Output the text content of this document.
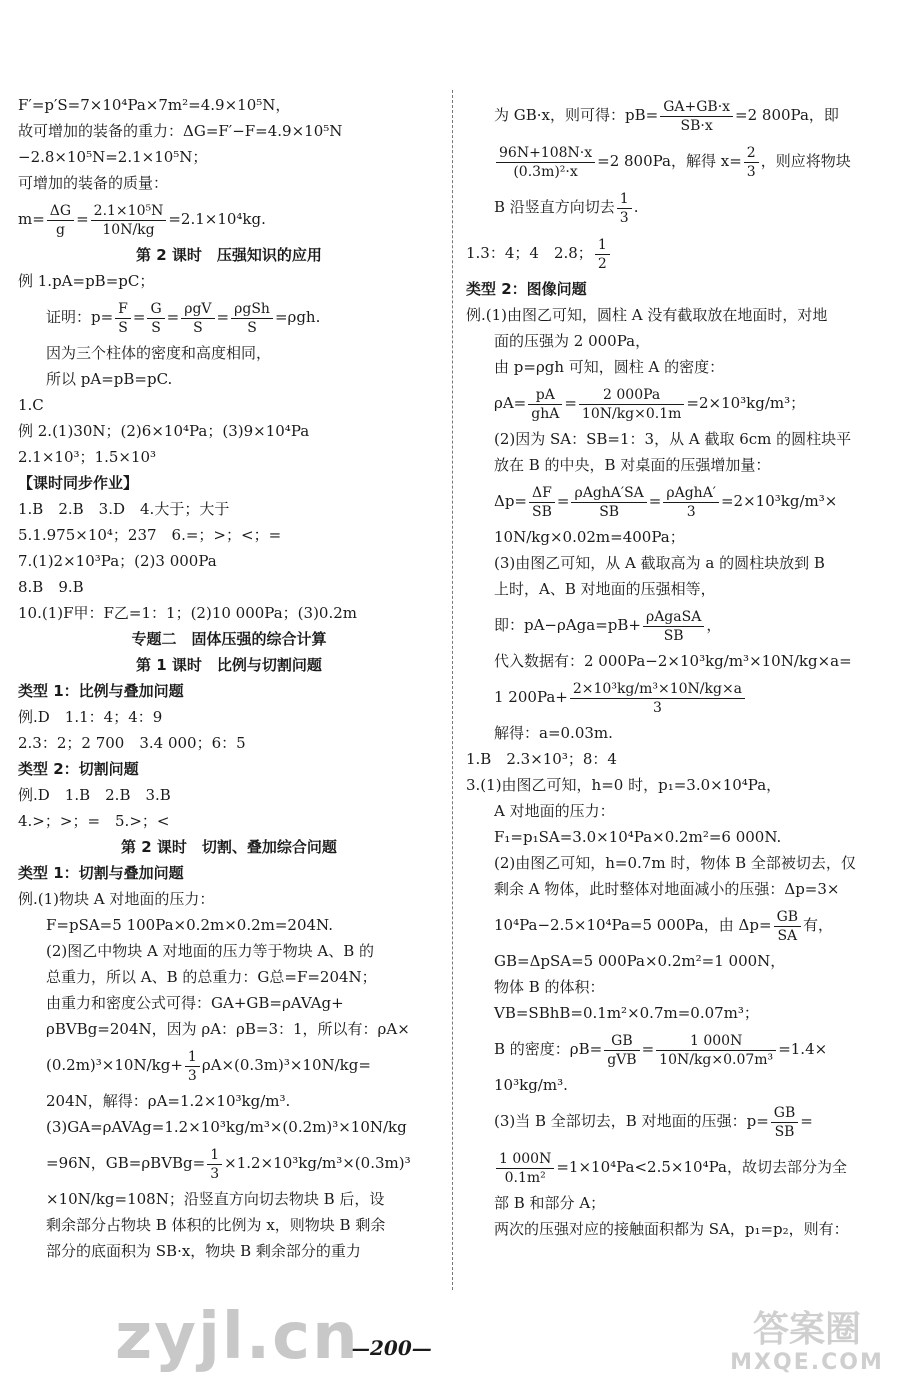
F′=p′S=7×10⁴Pa×7m²=4.9×10⁵N，
故可增加的装备的重力：ΔG=F′−F=4.9×10⁵N
−2.8×10⁵N=2.1×10⁵N；
可增加的装备的质量：
$m= \frac{\Delta G}{g} = \frac{\text{2.1×10⁵N}}{10N/kg} =2.1\times 10^4kg$.
第 2 课时　压强知识的应用
例 1.pA=pB=pC；
证明：$p= \frac{F}{S} = \frac{G}{S} = \frac{\text{ρgV}}{S} = \frac{\text{ρgSh}}{S} =\rho gh$.
因为三个柱体的密度和高度相同，
所以 pA=pB=pC.
1.C
例 2.(1)30N；(2)6×10⁴Pa；(3)9×10⁴Pa
2.1×10³；1.5×10³
【课时同步作业】
1.B　2.B　3.D　4.大于；大于
5.1.975×10⁴；237　6.=；>；<；=
7.(1)2×10³Pa；(2)3 000Pa
8.B　9.B
10.(1)F甲：F乙=1：1；(2)10 000Pa；(3)0.2m
专题二　固体压强的综合计算
第 1 课时　比例与切割问题
类型 1：比例与叠加问题
例.D　1.1：4；4：9
2.3：2；2 700　3.4 000；6：5
类型 2：切割问题
例.D　1.B　2.B　3.B
4.>；>；=　5.>；<
第 2 课时　切割、叠加综合问题
类型 1：切割与叠加问题
例.(1)物块 A 对地面的压力：
F=pSA=5 100Pa×0.2m×0.2m=204N.
(2)图乙中物块 A 对地面的压力等于物块 A、B 的
总重力，所以 A、B 的总重力：G总=F=204N；
由重力和密度公式可得：GA+GB=ρAVAg+
ρBVBg=204N，因为 ρA：ρB=3：1，所以有：ρA×
$(0.2m)^3\times 10N/kg+ \frac{1}{3} \rho A\times(0.3m)^3\times 10N/kg=$
204N，解得：ρA=1.2×10³kg/m³.
(3)GA=ρAVAg=1.2×10³kg/m³×(0.2m)³×10N/kg
=96N，GB=ρBVBg= $\frac{1}{3} \times 1.2\times 10^3kg/m^3\times(0.3m)^3$
×10N/kg=108N；沿竖直方向切去物块 B 后，设
剩余部分占物块 B 体积的比例为 x，则物块 B 剩余
部分的底面积为 SB·x，物块 B 剩余部分的重力
为 GB·x，则可得：$pB= \frac{GA+GB\cdot x}{SB\cdot x} =2$ 800Pa，即
$\frac{96N+108N\cdot x}{\text{(0.3m)²·x}} =2$ 800Pa，解得 $x= \frac{2}{3}$ ，则应将物块
B 沿竖直方向切去 $\frac{1}{3}$ .
1.3：4；4　2.8； $\frac{1}{2}$
类型 2：图像问题
例.(1)由图乙可知，圆柱 A 没有截取放在地面时，对地
面的压强为 2 000Pa，
由 p=ρgh 可知，圆柱 A 的密度：
$\rho A= \frac{pA}{\text{ghA}} = \frac{2 000Pa}{10N/kg\times 0.1m} =2\times 10^3kg/m^3$；
(2)因为 SA：SB=1：3，从 A 截取 6cm 的圆柱块平
放在 B 的中央，B 对桌面的压强增加量：
$\Delta p= \frac{\Delta F}{SB} = \frac{\text{ρAghA′SA}}{SB} = \frac{\text{ρAghA′}}{3} =2\times 10^3kg/m^3\times$
10N/kg×0.02m=400Pa；
(3)由图乙可知，从 A 截取高为 a 的圆柱块放到 B
上时，A、B 对地面的压强相等，
即：$pA-\rho Aga=pB+ \frac{\text{ρAgaSA}}{SB}$ ，
代入数据有：2 000Pa−2×10³kg/m³×10N/kg×a=
1 $200Pa+ \frac{\text{2×10³kg/m³×10N/kg×a}}{3}$
解得：a=0.03m.
1.B　2.3×10³；8：4
3.(1)由图乙可知，h=0 时，p₁=3.0×10⁴Pa，
A 对地面的压力：
F₁=p₁SA=3.0×10⁴Pa×0.2m²=6 000N.
(2)由图乙可知，h=0.7m 时，物体 B 全部被切去，仅
剩余 A 物体，此时整体对地面减小的压强：Δp=3×
10⁴Pa−2.5×10⁴Pa=5 000Pa，由 $\Delta p= \frac{GB}{SA}$ 有，
GB=ΔpSA=5 000Pa×0.2m²=1 000N，
物体 B 的体积：
VB=SBhB=0.1m²×0.7m=0.07m³；
B 的密度：$\rho B= \frac{GB}{\text{gVB}} = \frac{1 000N}{\text{10N/kg×0.07m³}} =1.4\times$
10³kg/m³.
(3)当 B 全部切去，B 对地面的压强：$p= \frac{GB}{SB}$ =
$\frac{1 000N}{\text{0.1m²}} =1\times 10^4Pa<2.5\times 10^4Pa$，故切去部分为全
部 B 和部分 A；
两次的压强对应的接触面积都为 SA，p₁=p₂，则有：
—200—
zyjl.cn	答案圈
MXQE.COM
